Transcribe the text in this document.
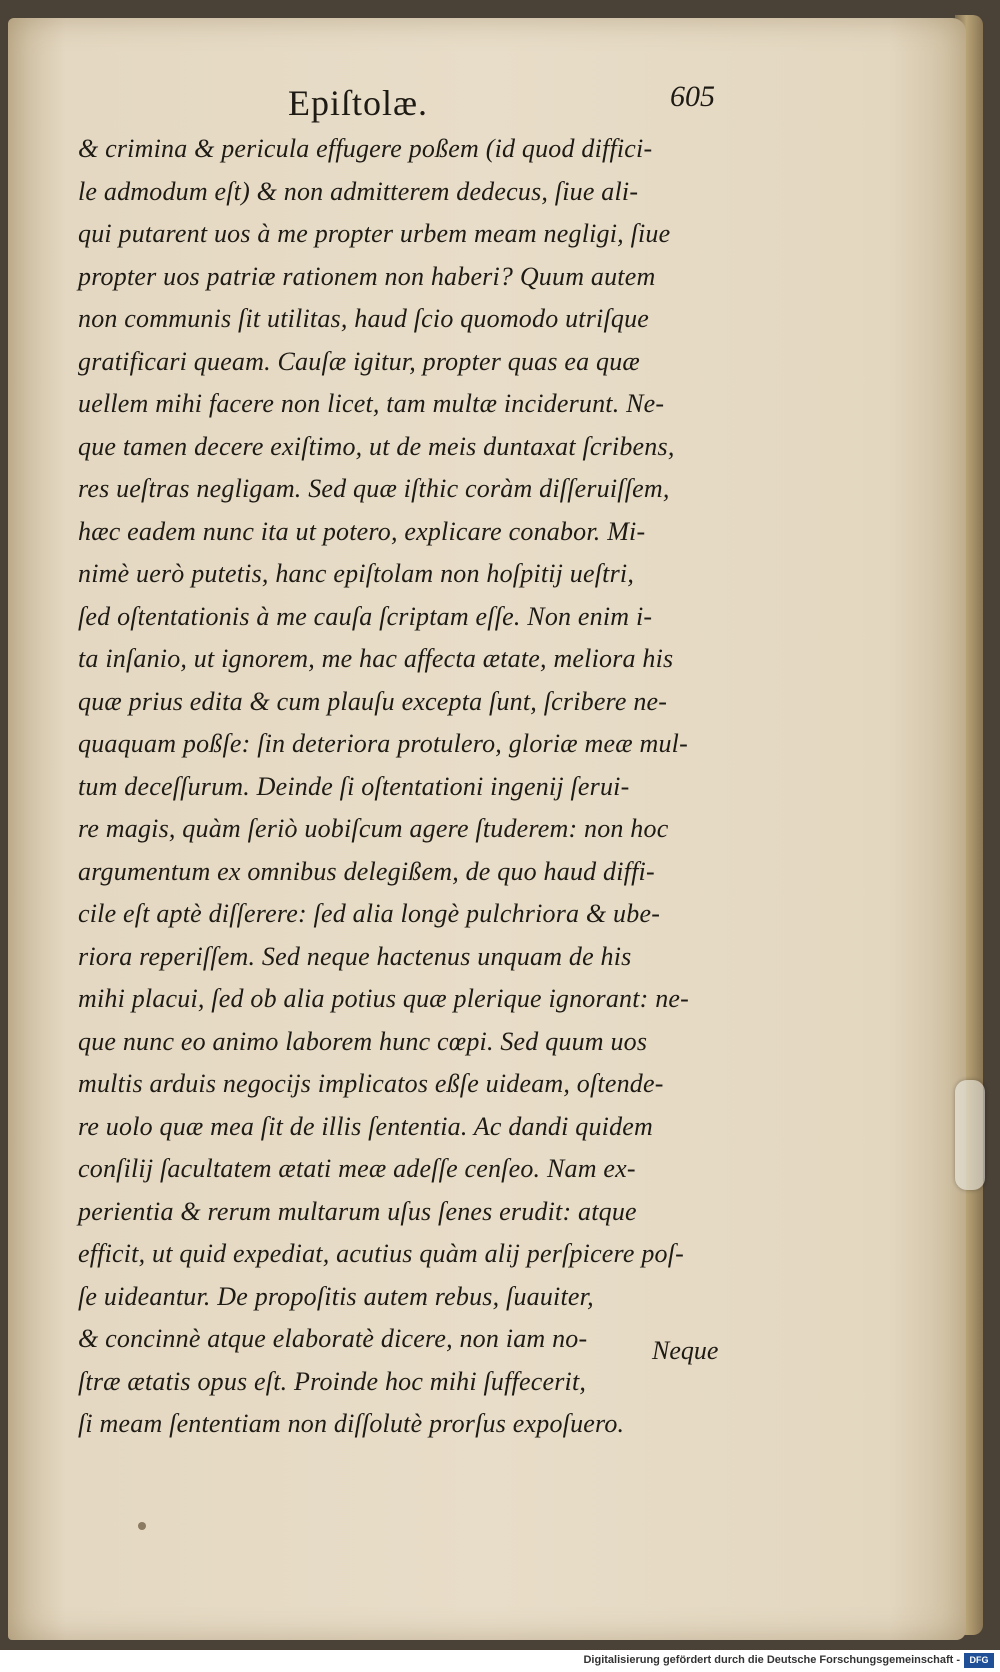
Epiſtolæ.	605
& crimina & pericula effugere poßem (id quod diffici-
le admodum eſt) & non admitterem dedecus, ſiue ali-
qui putarent uos à me propter urbem meam negligi, ſiue
propter uos patriæ rationem non haberi? Quum autem
non communis ſit utilitas, haud ſcio quomodo utriſque
gratificari queam. Cauſæ igitur, propter quas ea quæ
uellem mihi facere non licet, tam multæ inciderunt. Ne-
que tamen decere exiſtimo, ut de meis duntaxat ſcribens,
res ueſtras negligam. Sed quæ iſthic coràm diſſeruiſſem,
hæc eadem nunc ita ut potero, explicare conabor. Mi-
nimè uerò putetis, hanc epiſtolam non hoſpitij ueſtri,
ſed oſtentationis à me cauſa ſcriptam eſſe. Non enim i-
ta inſanio, ut ignorem, me hac affecta ætate, meliora his
quæ prius edita & cum plauſu excepta ſunt, ſcribere ne-
quaquam poßſe: ſin deteriora protulero, gloriæ meæ mul-
tum deceſſurum. Deinde ſi oſtentationi ingenij ſerui-
re magis, quàm ſeriò uobiſcum agere ſtuderem: non hoc
argumentum ex omnibus delegißem, de quo haud diffi-
cile eſt aptè diſſerere: ſed alia longè pulchriora & ube-
riora reperiſſem. Sed neque hactenus unquam de his
mihi placui, ſed ob alia potius quæ plerique ignorant: ne-
que nunc eo animo laborem hunc cœpi. Sed quum uos
multis arduis negocijs implicatos eßſe uideam, oſtende-
re uolo quæ mea ſit de illis ſententia. Ac dandi quidem
conſilij ſacultatem ætati meæ adeſſe cenſeo. Nam ex-
perientia & rerum multarum uſus ſenes erudit: atque
efficit, ut quid expediat, acutius quàm alij perſpicere poſ-
ſe uideantur. De propoſitis autem rebus, ſuauiter,
& concinnè atque elaboratè dicere, non iam no-
ſtræ ætatis opus eſt. Proinde hoc mihi ſuffecerit,
ſi meam ſententiam non diſſolutè prorſus expoſuero.
Neque
Digitalisierung gefördert durch die Deutsche Forschungsgemeinschaft -	DFG
